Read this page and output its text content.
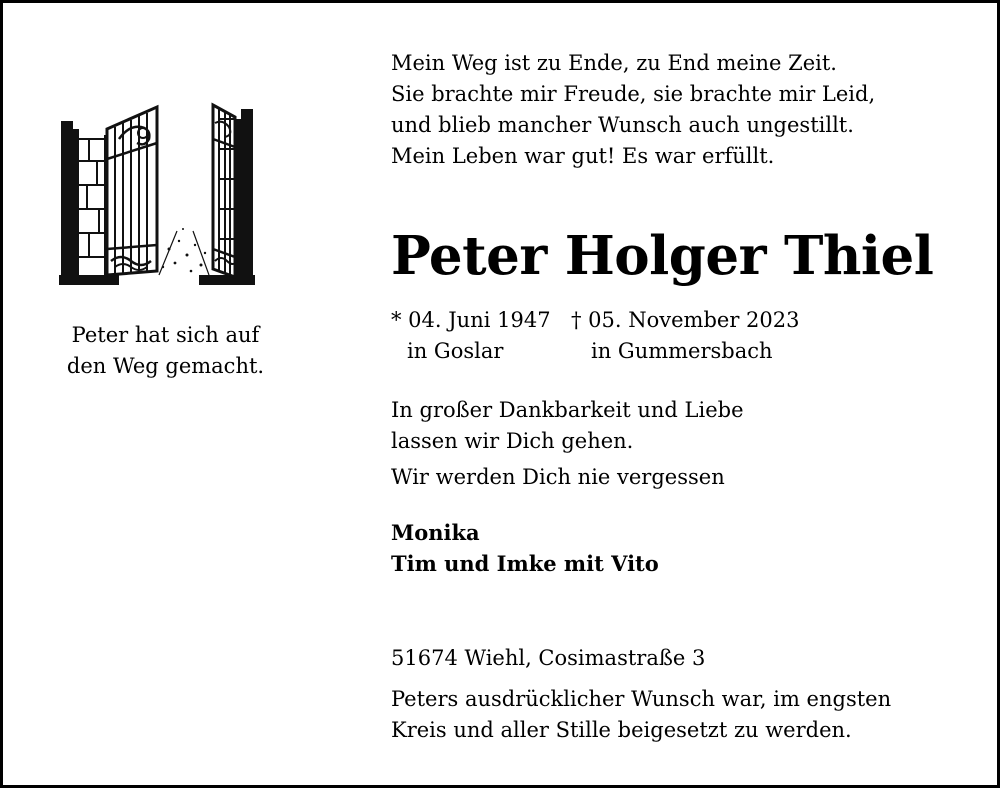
Peter hat sich auf
den Weg gemacht.
Mein Weg ist zu Ende, zu End meine Zeit.
Sie brachte mir Freude, sie brachte mir Leid,
und blieb mancher Wunsch auch ungestillt.
Mein Leben war gut! Es war erfüllt.
Peter Holger Thiel
* 04. Juni 1947
in Goslar
† 05. November 2023
in Gummersbach
In großer Dankbarkeit und Liebe
lassen wir Dich gehen.
Wir werden Dich nie vergessen
Monika
Tim und Imke mit Vito
51674 Wiehl, Cosimastraße 3
Peters ausdrücklicher Wunsch war, im engsten
Kreis und aller Stille beigesetzt zu werden.
